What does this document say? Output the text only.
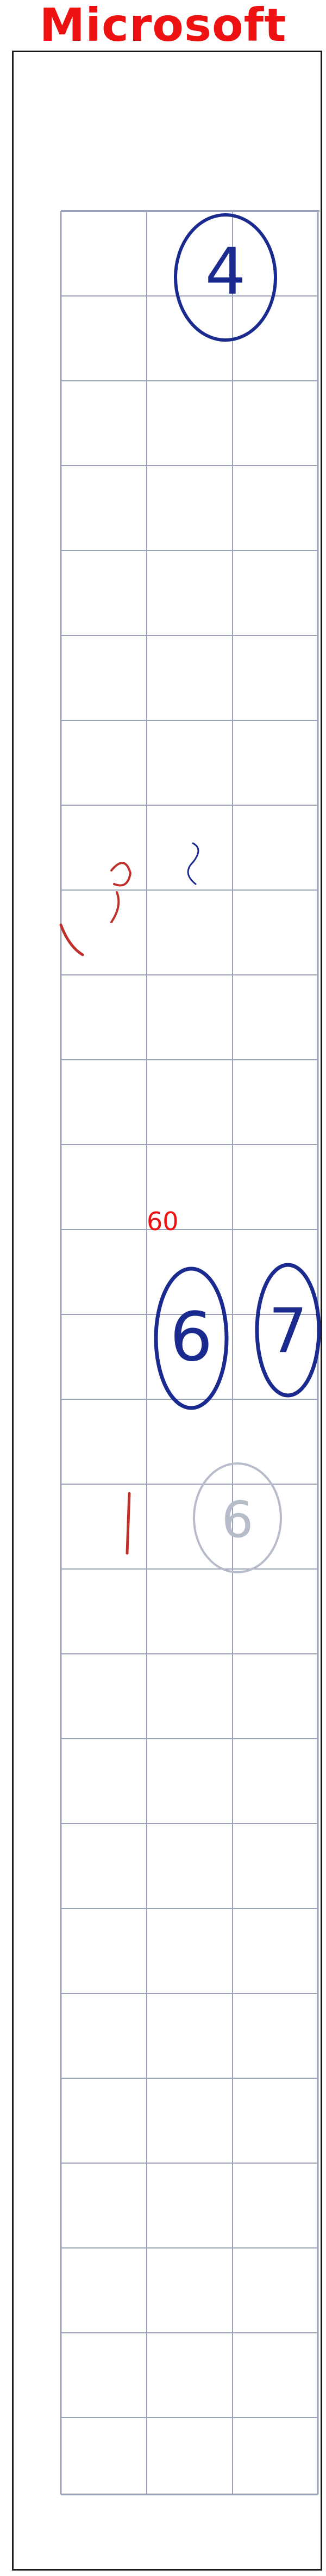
Microsoft
4
6 7
6
60
